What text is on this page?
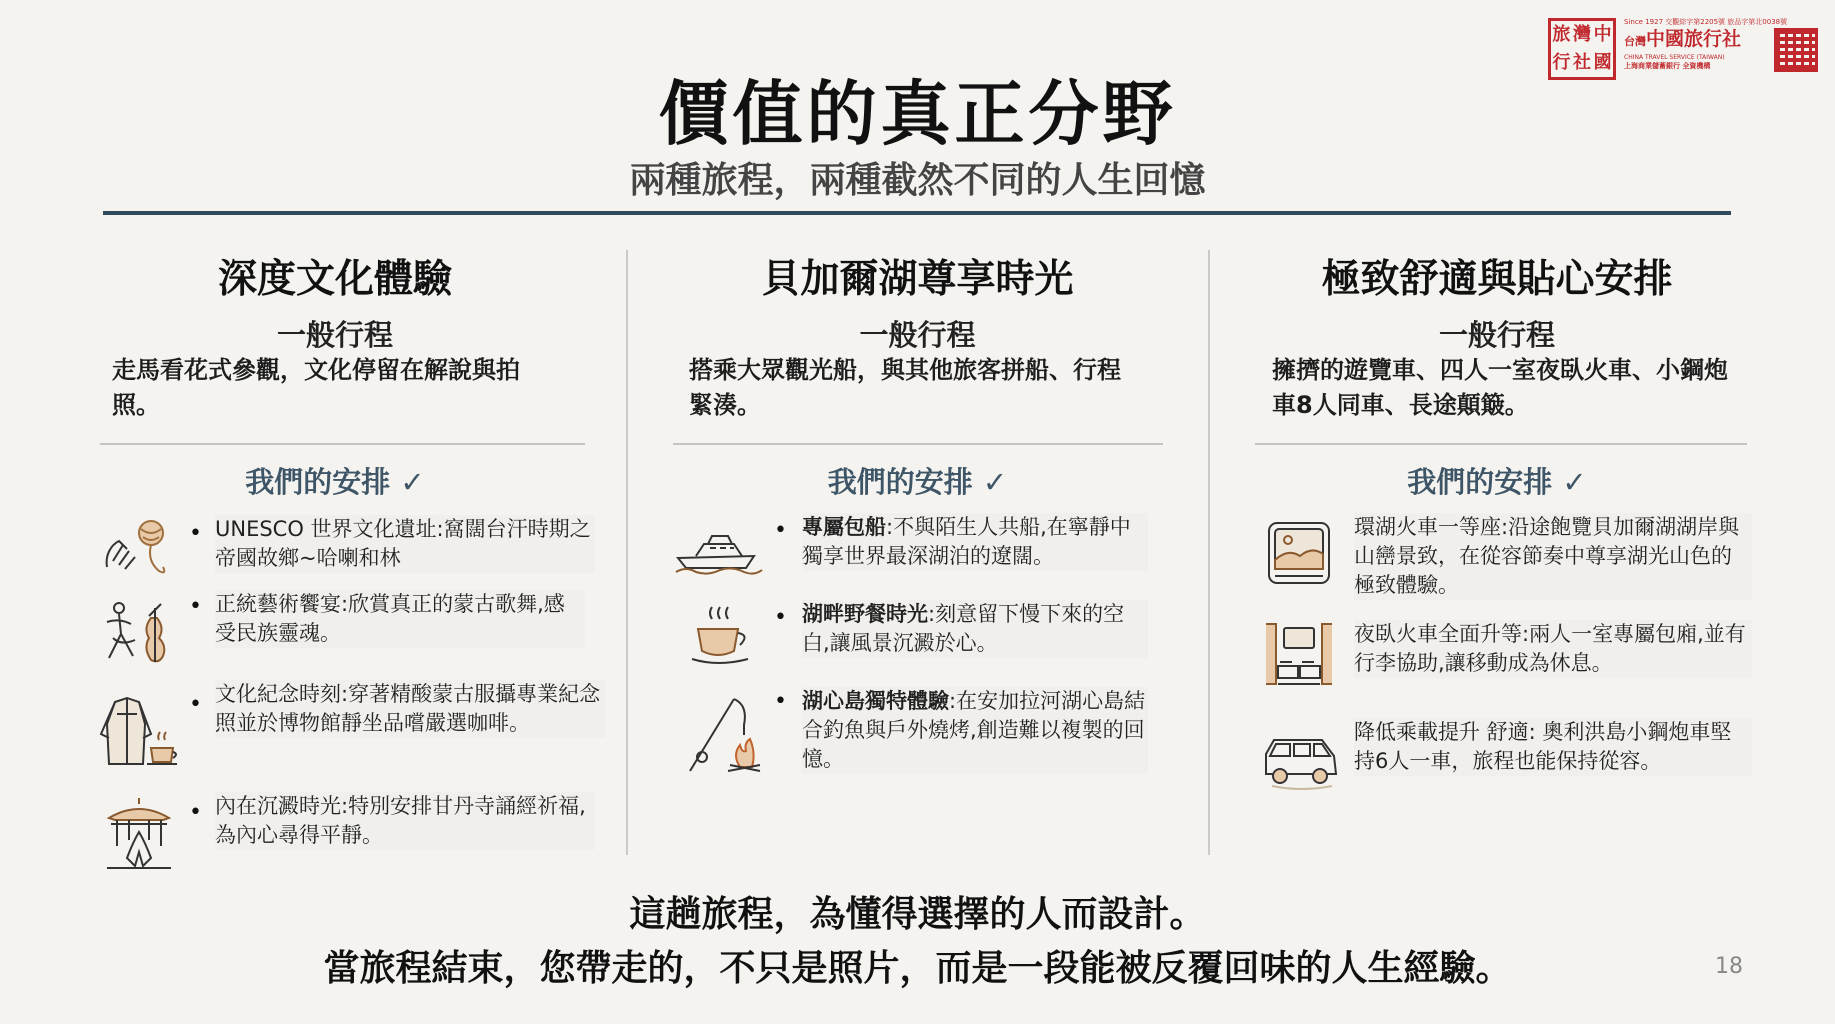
價值的真正分野
兩種旅程，兩種截然不同的人生回憶
旅 灣 中
行 社 國
Since 1927 交觀綜字第2205號 旅品字第北0038號
台灣中國旅行社
CHINA TRAVEL SERVICE (TAIWAN)
上海商業儲蓄銀行 全資機構
深度文化體驗
一般行程
走馬看花式參觀，文化停留在解說與拍照。
我們的安排 ✓
• UNESCO 世界文化遺址:窩闊台汗時期之帝國故鄉~哈喇和林
• 正統藝術饗宴:欣賞真正的蒙古歌舞,感受民族靈魂。
• 文化紀念時刻:穿著精酸蒙古服攝專業紀念照並於博物館靜坐品嚐嚴選咖啡。
• 內在沉澱時光:特別安排甘丹寺誦經祈福,為內心尋得平靜。
貝加爾湖尊享時光
一般行程
搭乘大眾觀光船，與其他旅客拼船、行程緊湊。
我們的安排 ✓
• 專屬包船:不與陌生人共船,在寧靜中獨享世界最深湖泊的遼闊。
• 湖畔野餐時光:刻意留下慢下來的空白,讓風景沉澱於心。
• 湖心島獨特體驗:在安加拉河湖心島結合釣魚與戶外燒烤,創造難以複製的回憶。
極致舒適與貼心安排
一般行程
擁擠的遊覽車、四人一室夜臥火車、小鋼炮車8人同車、長途顛簸。
我們的安排 ✓
環湖火車一等座:沿途飽覽貝加爾湖湖岸與山巒景致，在從容節奏中尊享湖光山色的極致體驗。
夜臥火車全面升等:兩人一室專屬包廂,並有行李協助,讓移動成為休息。
降低乘載提升 舒適: 奧利洪島小鋼炮車堅持6人一車，旅程也能保持從容。
這趟旅程，為懂得選擇的人而設計。
當旅程結束，您帶走的，不只是照片，而是一段能被反覆回味的人生經驗。	18
